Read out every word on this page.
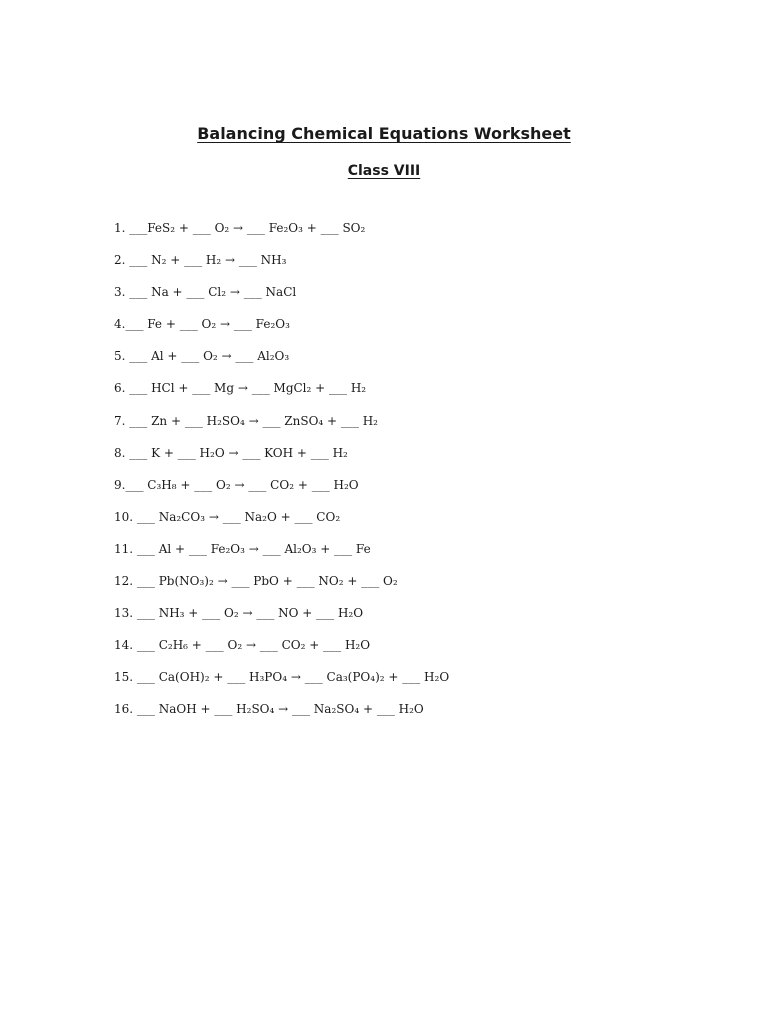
Balancing Chemical Equations Worksheet
Class VIII
1. ___FeS₂ + ___ O₂ → ___ Fe₂O₃ + ___ SO₂
2. ___ N₂ + ___ H₂ → ___ NH₃
3. ___ Na + ___ Cl₂ → ___ NaCl
4.___ Fe + ___ O₂ → ___ Fe₂O₃
5. ___ Al + ___ O₂ → ___ Al₂O₃
6. ___ HCl + ___ Mg → ___ MgCl₂ + ___ H₂
7. ___ Zn + ___ H₂SO₄ → ___ ZnSO₄ + ___ H₂
8. ___ K + ___ H₂O → ___ KOH + ___ H₂
9.___ C₃H₈ + ___ O₂ → ___ CO₂ + ___ H₂O
10. ___ Na₂CO₃ → ___ Na₂O + ___ CO₂
11. ___ Al + ___ Fe₂O₃ → ___ Al₂O₃ + ___ Fe
12. ___ Pb(NO₃)₂ → ___ PbO + ___ NO₂ + ___ O₂
13. ___ NH₃ + ___ O₂ → ___ NO + ___ H₂O
14. ___ C₂H₆ + ___ O₂ → ___ CO₂ + ___ H₂O
15. ___ Ca(OH)₂ + ___ H₃PO₄ → ___ Ca₃(PO₄)₂ + ___ H₂O
16. ___ NaOH + ___ H₂SO₄ → ___ Na₂SO₄ + ___ H₂O
